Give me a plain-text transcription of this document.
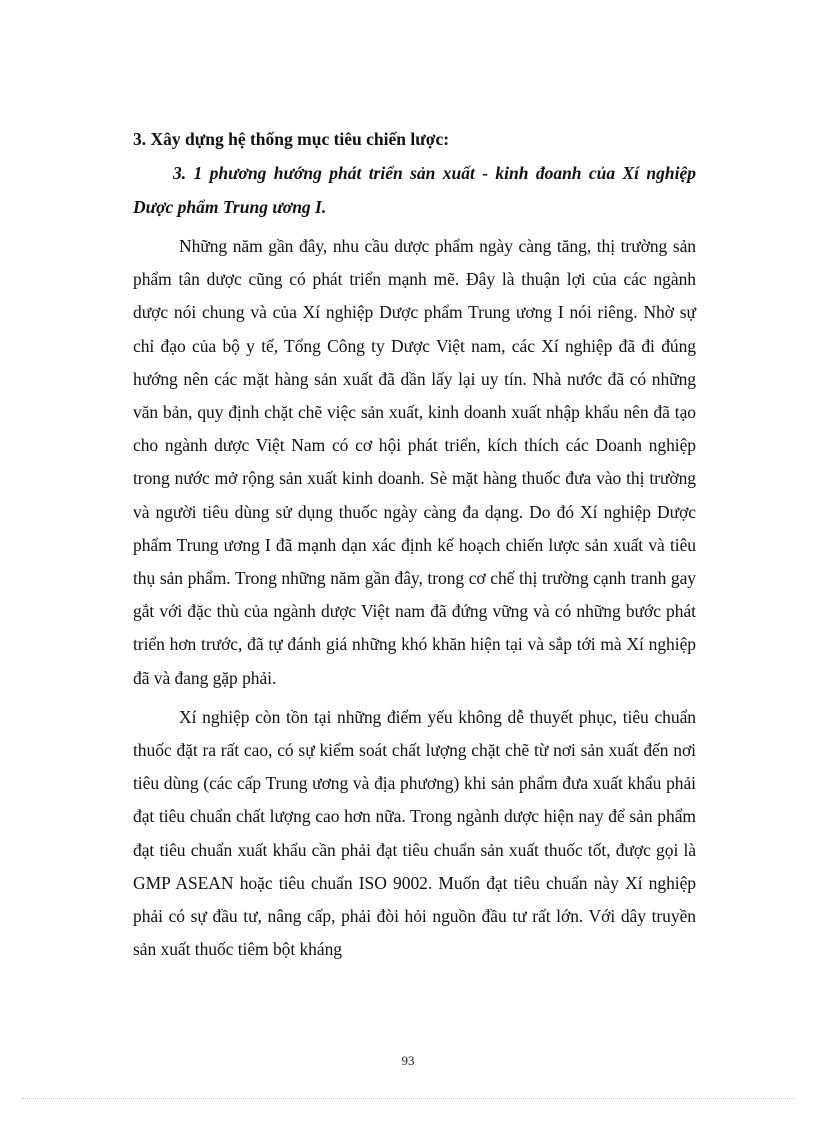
3. Xây dựng hệ thống mục tiêu chiến lược:

3. 1 phương hướng phát triển sản xuất - kinh đoanh của Xí nghiệp Dược phẩm Trung ương I.

Những năm gần đây, nhu cầu dược phẩm ngày càng tăng, thị trường sản phẩm tân dược cũng có phát triển mạnh mẽ. Đây là thuận lợi của các ngành dược nói chung và của Xí nghiệp Dược phẩm Trung ương I nói riêng. Nhờ sự chỉ đạo của bộ y tế, Tổng Công ty Dược Việt nam, các Xí nghiệp đã đi đúng hướng nên các mặt hàng sản xuất đã dần lấy lại uy tín. Nhà nước đã có những văn bản, quy định chặt chẽ việc sản xuất, kinh doanh xuất nhập khẩu nên đã tạo cho ngành dược Việt Nam có cơ hội phát triển, kích thích các Doanh nghiệp trong nước mở rộng sản xuất kinh doanh. Sè mặt hàng thuốc đưa vào thị trường và người tiêu dùng sử dụng thuốc ngày càng đa dạng. Do đó Xí nghiệp Dược phẩm Trung ương I đã mạnh dạn xác định kế hoạch chiến lược sản xuất và tiêu thụ sản phẩm. Trong những năm gần đây, trong cơ chế thị trường cạnh tranh gay gắt với đặc thù của ngành dược Việt nam đã đứng vững và có những bước phát triển hơn trước, đã tự đánh giá những khó khăn hiện tại và sắp tới mà Xí nghiệp đã và đang gặp phải.

Xí nghiệp còn tồn tại những điểm yếu không dễ thuyết phục, tiêu chuẩn thuốc đặt ra rất cao, có sự kiểm soát chất lượng chặt chẽ từ nơi sản xuất đến nơi tiêu dùng (các cấp Trung ương và địa phương) khi sản phẩm đưa xuất khẩu phải đạt tiêu chuẩn chất lượng cao hơn nữa. Trong ngành dược hiện nay để sản phẩm đạt tiêu chuẩn xuất khẩu cần phải đạt tiêu chuẩn sản xuất thuốc tốt, được gọi là GMP ASEAN hoặc tiêu chuẩn ISO 9002. Muốn đạt tiêu chuẩn này Xí nghiệp phải có sự đầu tư, nâng cấp, phải đòi hỏi nguồn đầu tư rất lớn. Với dây truyền sản xuất thuốc tiêm bột kháng

93
